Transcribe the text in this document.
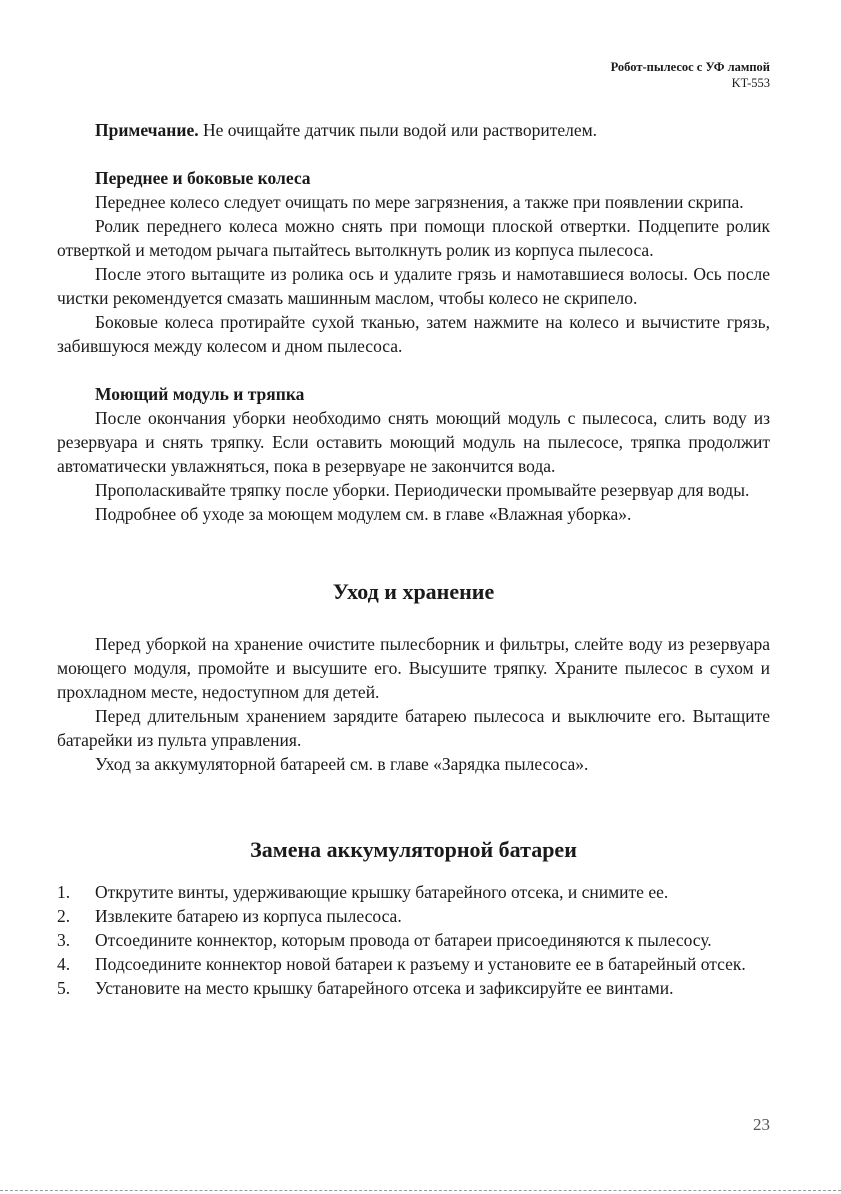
Робот-пылесос с УФ лампой
KT-553

Примечание. Не очищайте датчик пыли водой или растворителем.

Переднее и боковые колеса

Переднее колесо следует очищать по мере загрязнения, а также при появлении скрипа.

Ролик переднего колеса можно снять при помощи плоской отвертки. Подцепите ролик отверткой и методом рычага пытайтесь вытолкнуть ролик из корпуса пылесоса.

После этого вытащите из ролика ось и удалите грязь и намотавшиеся волосы. Ось после чистки рекомендуется смазать машинным маслом, чтобы колесо не скрипело.

Боковые колеса протирайте сухой тканью, затем нажмите на колесо и вычистите грязь, забившуюся между колесом и дном пылесоса.

Моющий модуль и тряпка

После окончания уборки необходимо снять моющий модуль с пылесоса, слить воду из резервуара и снять тряпку. Если оставить моющий модуль на пылесосе, тряпка продолжит автоматически увлажняться, пока в резервуаре не закончится вода.

Прополаскивайте тряпку после уборки. Периодически промывайте резервуар для воды.

Подробнее об уходе за моющем модулем см. в главе «Влажная уборка».

Уход и хранение

Перед уборкой на хранение очистите пылесборник и фильтры, слейте воду из резервуара моющего модуля, промойте и высушите его. Высушите тряпку. Храните пылесос в сухом и прохладном месте, недоступном для детей.

Перед длительным хранением зарядите батарею пылесоса и выключите его. Вытащите батарейки из пульта управления.

Уход за аккумуляторной батареей см. в главе «Зарядка пылесоса».

Замена аккумуляторной батареи
1. Открутите винты, удерживающие крышку батарейного отсека, и снимите ее.
2. Извлеките батарею из корпуса пылесоса.
3. Отсоедините коннектор, которым провода от батареи присоединяются к пылесосу.
4. Подсоедините коннектор новой батареи к разъему и установите ее в батарейный отсек.
5. Установите на место крышку батарейного отсека и зафиксируйте ее винтами.
23
